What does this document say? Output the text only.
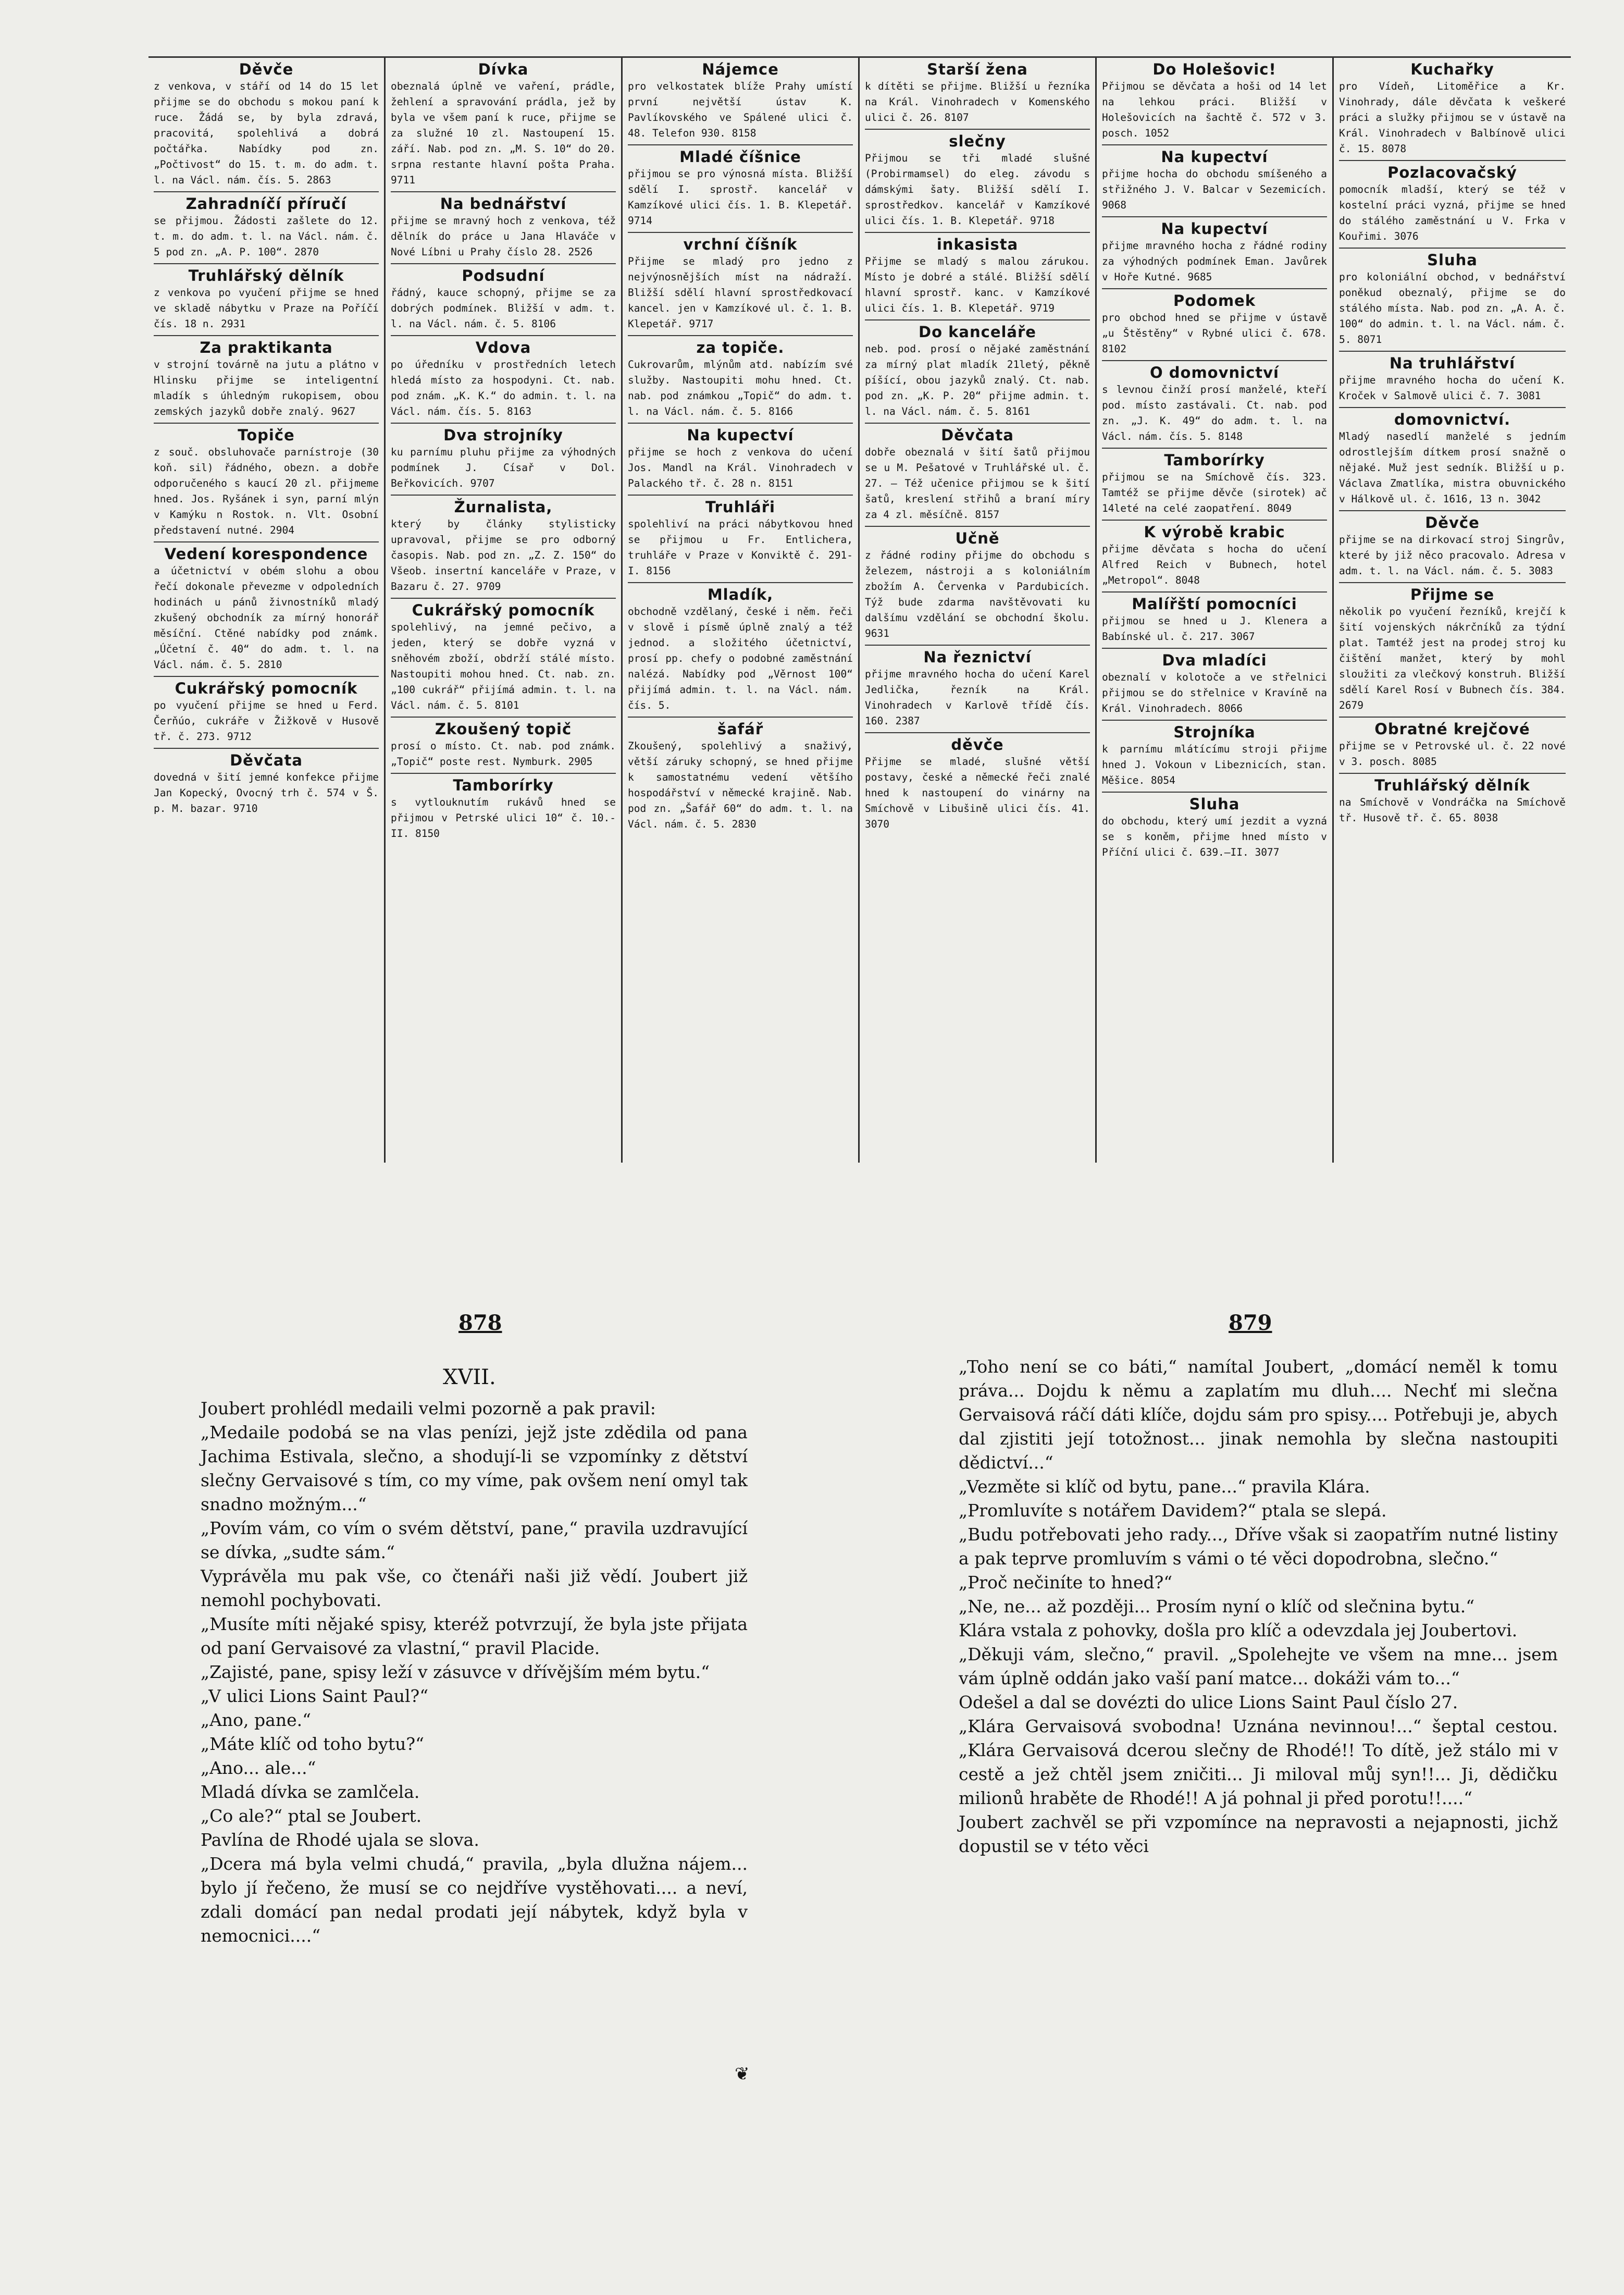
Děvče
z venkova, v stáří od 14 do 15 let přijme se do obchodu s mokou paní k ruce. Žádá se, by byla zdravá, pracovitá, spolehlivá a dobrá počtářka. Nabídky pod zn. „Počtivost“ do 15. t. m. do adm. t. l. na Václ. nám. čís. 5. 2863
Zahradníčí příručí
se přijmou. Žádosti zašlete do 12. t. m. do adm. t. l. na Václ. nám. č. 5 pod zn. „A. P. 100“. 2870
Truhlářský dělník
z venkova po vyučení přijme se hned ve skladě nábytku v Praze na Poříčí čís. 18 n. 2931
Za praktikanta
v strojní továrně na jutu a plátno v Hlinsku přijme se inteligentní mladík s úhledným rukopisem, obou zemských jazyků dobře znalý. 9627
Topiče
z souč. obsluhovače parnístroje (30 koň. sil) řádného, obezn. a dobře odporučeného s kaucí 20 zl. přijmeme hned. Jos. Ryšánek i syn, parní mlýn v Kamýku n Rostok. n. Vlt. Osobní představení nutné. 2904
Vedení korespondence
a účetnictví v obém slohu a obou řečí dokonale převezme v odpoledních hodinách u pánů živnostníků mladý zkušený obchodník za mírný honorář měsíční. Ctěné nabídky pod známk. „Účetní č. 40“ do adm. t. l. na Václ. nám. č. 5. 2810
Cukrářský pomocník
po vyučení přijme se hned u Ferd. Čerňúo, cukráře v Žižkově v Husově tř. č. 273. 9712
Děvčata
dovedná v šití jemné konfekce přijme Jan Kopecký, Ovocný trh č. 574 v Š. p. M. bazar. 9710
Dívka
obeznalá úplně ve vaření, prádle, žehlení a spravování prádla, jež by byla ve všem paní k ruce, přijme se za služné 10 zl. Nastoupení 15. září. Nab. pod zn. „M. S. 10“ do 20. srpna restante hlavní pošta Praha. 9711
Na bednářství
přijme se mravný hoch z venkova, též dělník do práce u Jana Hlaváče v Nové Líbni u Prahy číslo 28. 2526
Podsudní
řádný, kauce schopný, přijme se za dobrých podmínek. Bližší v adm. t. l. na Václ. nám. č. 5. 8106
Vdova
po úředníku v prostředních letech hledá místo za hospodyni. Ct. nab. pod znám. „K. K.“ do admin. t. l. na Václ. nám. čís. 5. 8163
Dva strojníky
ku parnímu pluhu přijme za výhodných podmínek J. Císař v Dol. Beřkovicích. 9707
Žurnalista,
který by články stylisticky upravoval, přijme se pro odborný časopis. Nab. pod zn. „Z. Z. 150“ do Všeob. insertní kanceláře v Praze, v Bazaru č. 27. 9709
Cukrářský pomocník
spolehlivý, na jemné pečivo, a jeden, který se dobře vyzná v sněhovém zboží, obdrží stálé místo. Nastoupiti mohou hned. Ct. nab. zn. „100 cukrář“ přijímá admin. t. l. na Václ. nám. č. 5. 8101
Zkoušený topič
prosí o místo. Ct. nab. pod známk. „Topič“ poste rest. Nymburk. 2905
Tamborírky
s vytlouknutím rukávů hned se přijmou v Petrské ulici 10“ č. 10.-II. 8150
Nájemce
pro velkostatek blíže Prahy umístí první největší ústav K. Pavlíkovského ve Spálené ulici č. 48. Telefon 930. 8158
Mladé číšnice
přijmou se pro výnosná místa. Bližší sdělí I. sprostř. kancelář v Kamzíkové ulici čís. 1. B. Klepetář. 9714
vrchní číšník
Přijme se mladý pro jedno z nejvýnosnějších míst na nádraží. Bližší sdělí hlavní sprostředkovací kancel. jen v Kamzíkové ul. č. 1. B. Klepetář. 9717
za topiče.
Cukrovarům, mlýnům atd. nabízím své služby. Nastoupiti mohu hned. Ct. nab. pod známkou „Topič“ do adm. t. l. na Václ. nám. č. 5. 8166
Na kupectví
přijme se hoch z venkova do učení Jos. Mandl na Král. Vinohradech v Palackého tř. č. 28 n. 8151
Truhláři
spolehliví na práci nábytkovou hned se přijmou u Fr. Entlichera, truhláře v Praze v Konviktě č. 291-I. 8156
Mladík,
obchodně vzdělaný, české i něm. řeči v slově i písmě úplně znalý a též jednod. a složitého účetnictví, prosí pp. chefy o podobné zaměstnání nalézá. Nabídky pod „Věrnost 100“ přijímá admin. t. l. na Václ. nám. čís. 5.
šafář
Zkoušený, spolehlivý a snaživý, větší záruky schopný, se hned přijme k samostatnému vedení většího hospodářství v německé krajině. Nab. pod zn. „Šafář 60“ do adm. t. l. na Václ. nám. č. 5. 2830
Starší žena
k dítěti se přijme. Bližší u řezníka na Král. Vinohradech v Komenského ulici č. 26. 8107
slečny
Přijmou se tři mladé slušné (Probirmamsel) do eleg. závodu s dámskými šaty. Bližší sdělí I. sprostředkov. kancelář v Kamzíkové ulici čís. 1. B. Klepetář. 9718
inkasista
Přijme se mladý s malou zárukou. Místo je dobré a stálé. Bližší sdělí hlavní sprostř. kanc. v Kamzíkové ulici čís. 1. B. Klepetář. 9719
Do kanceláře
neb. pod. prosí o nějaké zaměstnání za mírný plat mladík 21letý, pěkně píšící, obou jazyků znalý. Ct. nab. pod zn. „K. P. 20“ přijme admin. t. l. na Václ. nám. č. 5. 8161
Děvčata
dobře obeznalá v šití šatů přijmou se u M. Pešatové v Truhlářské ul. č. 27. — Též učenice přijmou se k šití šatů, kreslení střihů a braní míry za 4 zl. měsíčně. 8157
Učně
z řádné rodiny přijme do obchodu s železem, nástroji a s koloniálním zbožím A. Červenka v Pardubicích. Týž bude zdarma navštěvovati ku dalšímu vzdělání se obchodní školu. 9631
Na řeznictví
přijme mravného hocha do učení Karel Jedlička, řezník na Král. Vinohradech v Karlově třídě čís. 160. 2387
děvče
Přijme se mladé, slušné větší postavy, české a německé řeči znalé hned k nastoupení do vinárny na Smíchově v Libušině ulici čís. 41. 3070
Do Holešovic!
Přijmou se děvčata a hoši od 14 let na lehkou práci. Bližší v Holešovicích na šachtě č. 572 v 3. posch. 1052
Na kupectví
přijme hocha do obchodu smíšeného a střižného J. V. Balcar v Sezemicích. 9068
Na kupectví
přijme mravného hocha z řádné rodiny za výhodných podmínek Eman. Javůrek v Hoře Kutné. 9685
Podomek
pro obchod hned se přijme v ústavě „u Štěstěny“ v Rybné ulici č. 678. 8102
O domovnictví
s levnou činží prosí manželé, kteří pod. místo zastávali. Ct. nab. pod zn. „J. K. 49“ do adm. t. l. na Václ. nám. čís. 5. 8148
Tamborírky
přijmou se na Smíchově čís. 323. Tamtéž se přijme děvče (sirotek) ač 14leté na celé zaopatření. 8049
K výrobě krabic
přijme děvčata s hocha do učení Alfred Reich v Bubnech, hotel „Metropol“. 8048
Malířští pomocníci
přijmou se hned u J. Klenera a Babínské ul. č. 217. 3067
Dva mladíci
obeznalí v kolotoče a ve střelnici přijmou se do střelnice v Kravíně na Král. Vinohradech. 8066
Strojníka
k parnímu mlátícímu stroji přijme hned J. Vokoun v Libeznicích, stan. Měšice. 8054
Sluha
do obchodu, který umí jezdit a vyzná se s koněm, přijme hned místo v Příční ulici č. 639.—II. 3077
Kuchařky
pro Vídeň, Litoměřice a Kr. Vinohrady, dále děvčata k veškeré práci a služky přijmou se v ústavě na Král. Vinohradech v Balbínově ulici č. 15. 8078
Pozlacovačský
pomocník mladší, který se též v kostelní práci vyzná, přijme se hned do stálého zaměstnání u V. Frka v Kouřimi. 3076
Sluha
pro koloniální obchod, v bednářství poněkud obeznalý, přijme se do stálého místa. Nab. pod zn. „A. A. č. 100“ do admin. t. l. na Václ. nám. č. 5. 8071
Na truhlářství
přijme mravného hocha do učení K. Kroček v Salmově ulici č. 7. 3081
domovnictví.
Mladý nasedlí manželé s jedním odrostlejším dítkem prosí snažně o nějaké. Muž jest sedník. Bližší u p. Václava Zmatlíka, mistra obuvnického v Hálkově ul. č. 1616, 13 n. 3042
Děvče
přijme se na dirkovací stroj Singrův, které by již něco pracovalo. Adresa v adm. t. l. na Václ. nám. č. 5. 3083
Přijme se
několik po vyučení řezníků, krejčí k šití vojenských nákrčníků za týdní plat. Tamtéž jest na prodej stroj ku čištění manžet, který by mohl sloužiti za vlečkový konstruh. Bližší sdělí Karel Rosí v Bubnech čís. 384. 2679
Obratné krejčové
přijme se v Petrovské ul. č. 22 nové v 3. posch. 8085
Truhlářský dělník
na Smíchově v Vondráčka na Smíchově tř. Husově tř. č. 65. 8038
878	879
XVII.
Joubert prohlédl medaili velmi pozorně a pak pravil:
„Medaile podobá se na vlas penízi, jejž jste zdědila od pana Jachima Estivala, slečno, a shodují-li se vzpomínky z dětství slečny Gervaisové s tím, co my víme, pak ovšem není omyl tak snadno možným...“
„Povím vám, co vím o svém dětství, pane,“ pravila uzdravující se dívka, „sudte sám.“
Vyprávěla mu pak vše, co čtenáři naši již vědí. Joubert již nemohl pochybovati.
„Musíte míti nějaké spisy, kteréž potvrzují, že byla jste přijata od paní Gervaisové za vlastní,“ pravil Placide.
„Zajisté, pane, spisy leží v zásuvce v dřívějším mém bytu.“
„V ulici Lions Saint Paul?“
„Ano, pane.“
„Máte klíč od toho bytu?“
„Ano... ale...“
Mladá dívka se zamlčela.
„Co ale?“ ptal se Joubert.
Pavlína de Rhodé ujala se slova.
„Dcera má byla velmi chudá,“ pravila, „byla dlužna nájem... bylo jí řečeno, že musí se co nejdříve vystěhovati.... a neví, zdali domácí pan nedal prodati její nábytek, když byla v nemocnici....“
„Toho není se co báti,“ namítal Joubert, „domácí neměl k tomu práva... Dojdu k němu a zaplatím mu dluh.... Nechť mi slečna Gervaisová ráčí dáti klíče, dojdu sám pro spisy.... Potřebuji je, abych dal zjistiti její totožnost... jinak nemohla by slečna nastoupiti dědictví...“
„Vezměte si klíč od bytu, pane...“ pravila Klára.
„Promluvíte s notářem Davidem?“ ptala se slepá.
„Budu potřebovati jeho rady..., Dříve však si zaopatřím nutné listiny a pak teprve promluvím s vámi o té věci dopodrobna, slečno.“
„Proč nečiníte to hned?“
„Ne, ne... až později... Prosím nyní o klíč od slečnina bytu.“
Klára vstala z pohovky, došla pro klíč a odevzdala jej Joubertovi.
„Děkuji vám, slečno,“ pravil. „Spolehejte ve všem na mne... jsem vám úplně oddán jako vaší paní matce... dokáži vám to...“
Odešel a dal se dovézti do ulice Lions Saint Paul číslo 27.
„Klára Gervaisová svobodna! Uznána nevinnou!...“ šeptal cestou. „Klára Gervaisová dcerou slečny de Rhodé!! To dítě, jež stálo mi v cestě a jež chtěl jsem zničiti... Ji miloval můj syn!!... Ji, dědičku milionů hraběte de Rhodé!! A já pohnal ji před porotu!!....“
Joubert zachvěl se při vzpomínce na nepravosti a nejapnosti, jichž dopustil se v této věci
❦
